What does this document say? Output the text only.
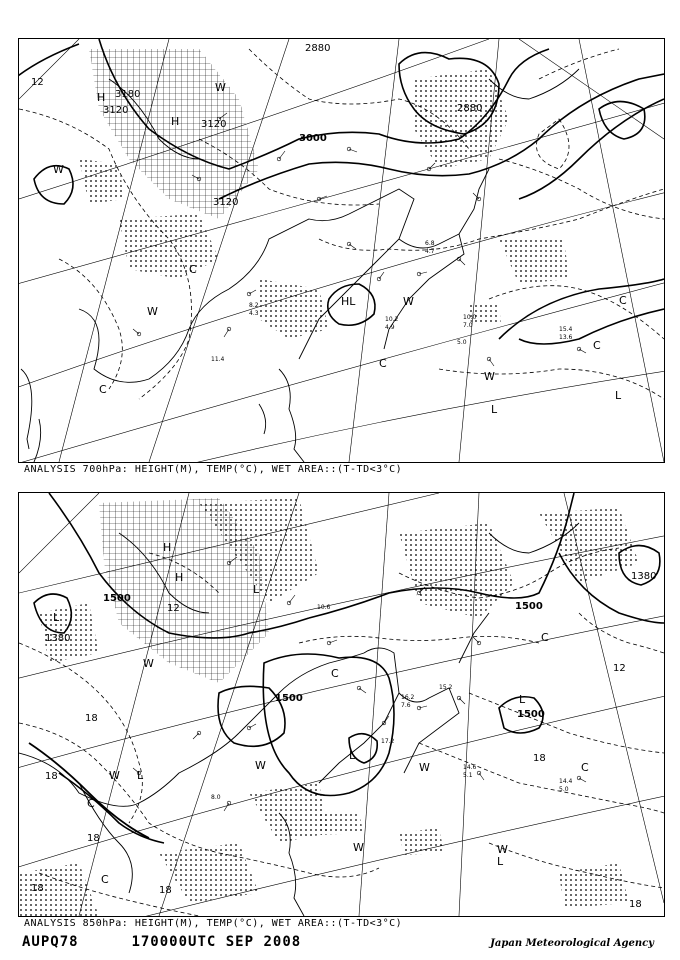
3180
3120
3120
2880
3000
2880
3120
12
H
H
W
W
HL	W
W
C
C
C
C
W
L
L
C
10.0
7.0
15.4
13.6
11.4
5.0
10.2
4.9
6.8
4.7
8.2
4.3
ANALYSIS 700hPa: HEIGHT(M), TEMP(°C), WET AREA::(T-TD<3°C)
1500
1380
1500
1500
1500
1380
12
18
18
18
18	18
18
12
18
H
H
L
W
W L
W
C
C
C
L
C
W
L
W
C
W
L
L
14.6
5.1
16.2
7.6
14.4
5.0
15.2
17.2
10.6
8.0
ANALYSIS 850hPa: HEIGHT(M), TEMP(°C), WET AREA::(T-TD<3°C)
AUPQ78	170000UTC SEP 2008	Japan Meteorological Agency
